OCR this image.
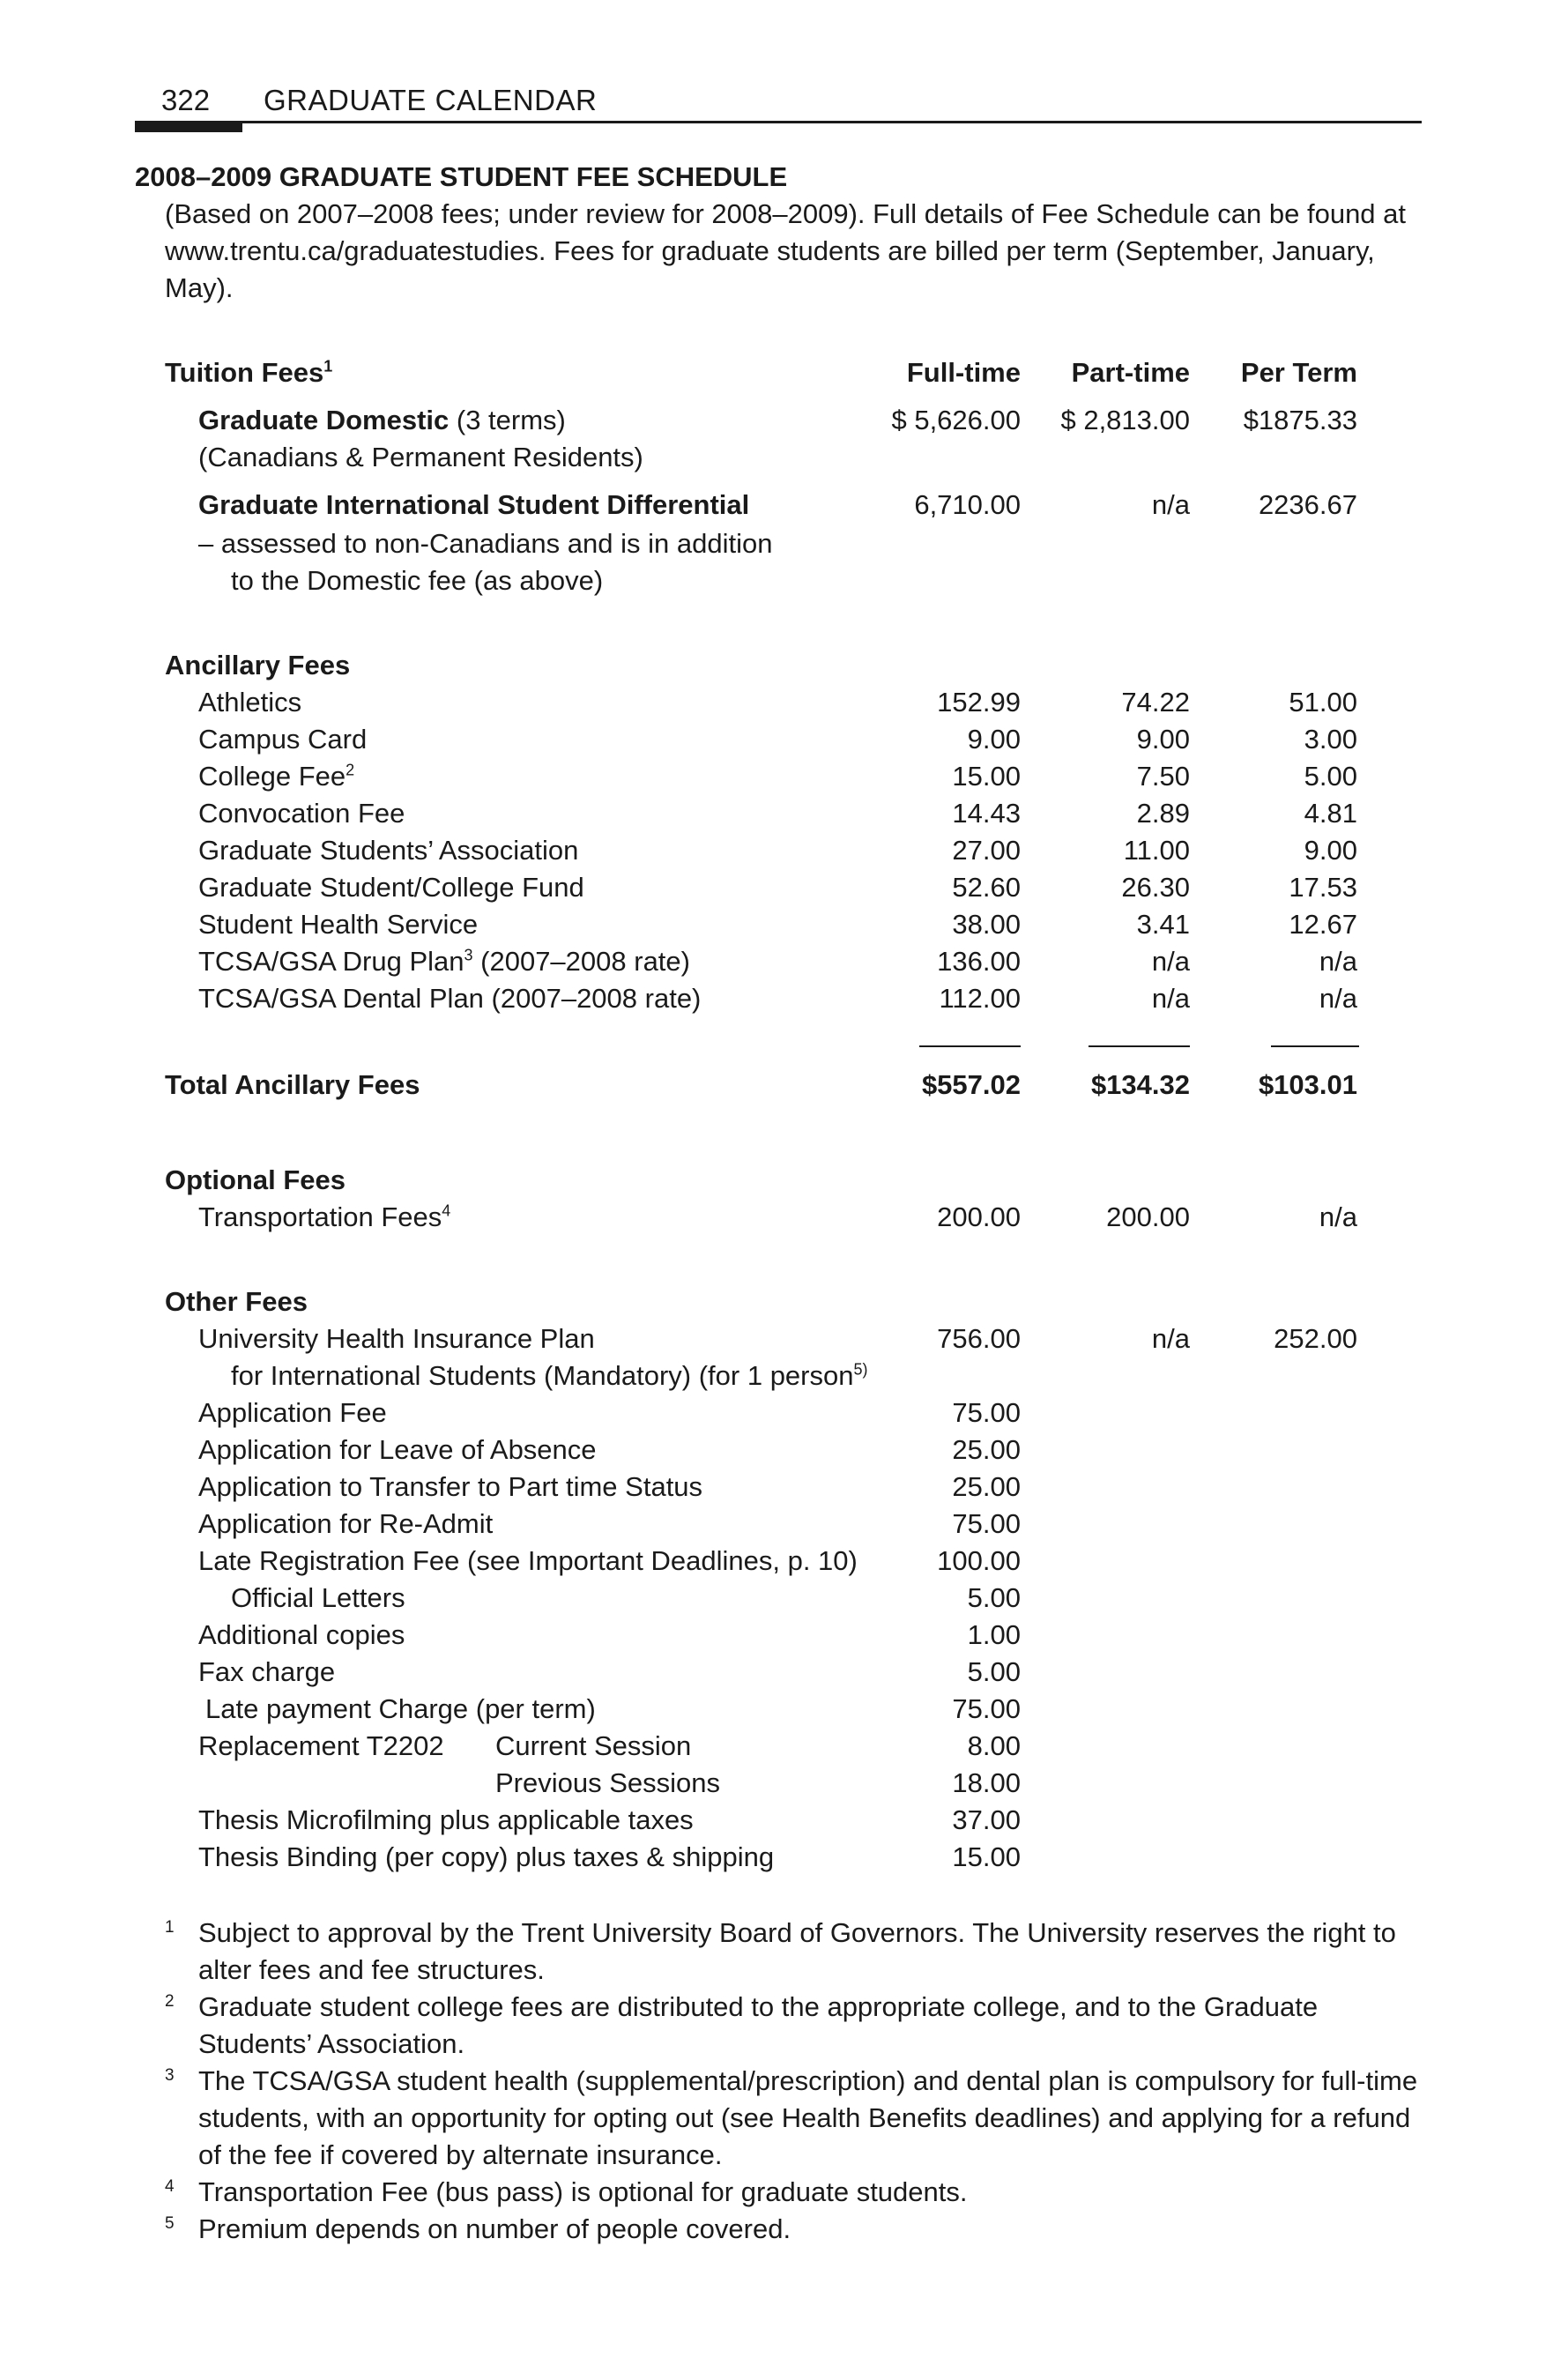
322 GRADUATE CALENDAR
2008–2009 GRADUATE STUDENT FEE SCHEDULE
(Based on 2007–2008 fees; under review for 2008–2009). Full details of Fee Schedule can be found at www.trentu.ca/graduatestudies. Fees for graduate students are billed per term (September, January, May).
Tuition Fees$^1$	Full-time	Part-time	Per Term
Graduate Domestic (3 terms)	$ 5,626.00	$ 2,813.00	$1875.33
(Canadians & Permanent Residents)
Graduate International Student Differential	6,710.00	n/a	2236.67
– assessed to non-Canadians and is in addition
to the Domestic fee (as above)
Ancillary Fees
Athletics	152.99	74.22	51.00
Campus Card	9.00	9.00	3.00
College Fee$^2$	15.00	7.50	5.00
Convocation Fee	14.43	2.89	4.81
Graduate Students’ Association	27.00	11.00	9.00
Graduate Student/College Fund	52.60	26.30	17.53
Student Health Service	38.00	3.41	12.67
TCSA/GSA Drug Plan$^3$ (2007–2008 rate)	136.00	n/a	n/a
TCSA/GSA Dental Plan (2007–2008 rate)	112.00	n/a	n/a
Total Ancillary Fees	$557.02	$134.32	$103.01
Optional Fees
Transportation Fees$^4$	200.00	200.00	n/a
Other Fees
University Health Insurance Plan	756.00	n/a	252.00
for International Students (Mandatory) (for 1 person$^{5)}$
Application Fee	75.00
Application for Leave of Absence	25.00
Application to Transfer to Part time Status	25.00
Application for Re-Admit	75.00
Late Registration Fee (see Important Deadlines, p. 10)	100.00
Official Letters	5.00
Additional copies	1.00
Fax charge	5.00
Late payment Charge (per term)	75.00
Replacement T2202 Current Session	8.00
Previous Sessions	18.00
Thesis Microfilming plus applicable taxes	37.00
Thesis Binding (per copy) plus taxes & shipping	15.00
1 Subject to approval by the Trent University Board of Governors. The University reserves the right to alter fees and fee structures.
2 Graduate student college fees are distributed to the appropriate college, and to the Graduate Students’ Association.
3 The TCSA/GSA student health (supplemental/prescription) and dental plan is compulsory for full-time students, with an opportunity for opting out (see Health Benefits deadlines) and applying for a refund of the fee if covered by alternate insurance.
4 Transportation Fee (bus pass) is optional for graduate students.
5 Premium depends on number of people covered.
